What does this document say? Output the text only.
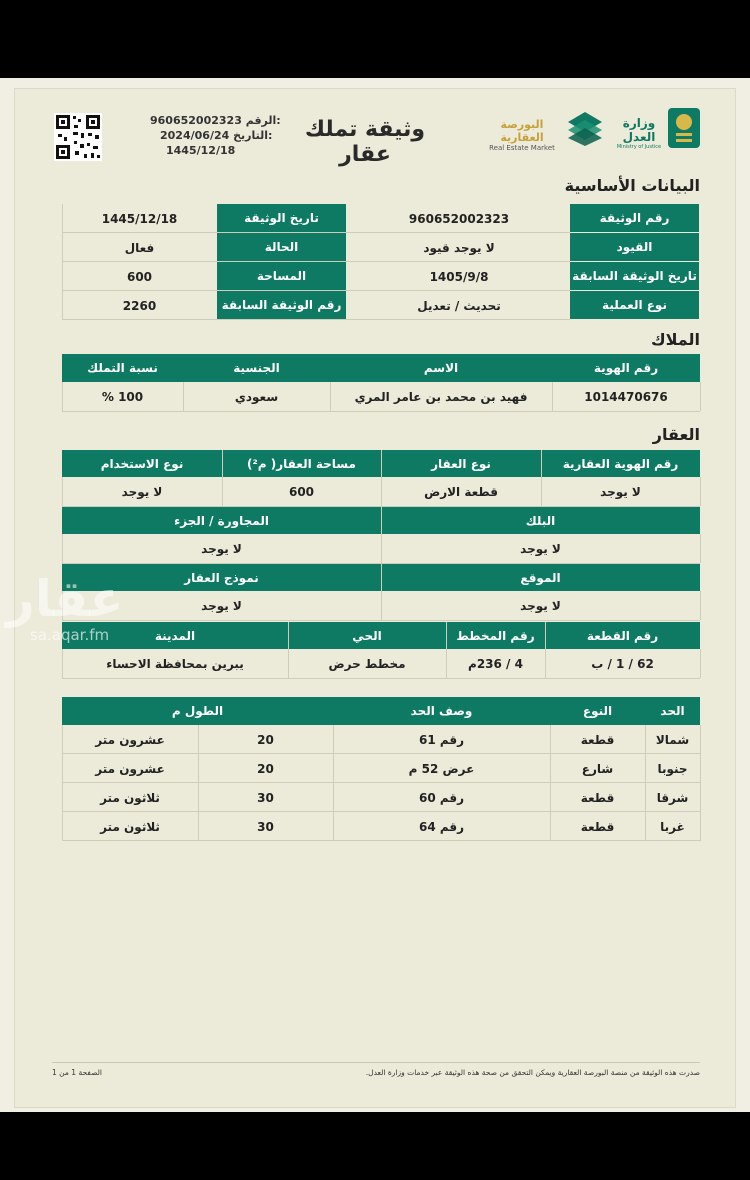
960652002323 الرقم:
2024/06/24 التاريخ:
1445/12/18
وثيقة تملك عقار
البورصة العقارية
Real Estate Market
وزارة العدل
Ministry of Justice
البيانات الأساسية
رقم الوثيقة
960652002323
تاريخ الوثيقة
1445/12/18
القيود
لا يوجد قيود
الحالة
فعال
تاريخ الوثيقة السابقة
1405/9/8
المساحة
600
نوع العملية
تحديث / تعديل
رقم الوثيقة السابقة
2260
الملاك
رقم الهوية
1014470676
الاسم
فهيد بن محمد بن عامر المري
الجنسية
سعودي
نسبة التملك
100 %
العقار
رقم الهوية العقارية
لا يوجد
نوع العقار
قطعة الارض
مساحة العقار( م²)
600
نوع الاستخدام
لا يوجد
البلك
لا يوجد
المجاورة / الجزء
لا يوجد
الموقع
لا يوجد
نموذج العقار
لا يوجد
رقم القطعة
62 / 1 / ب
رقم المخطط
4 / 236م
الحي
مخطط حرض
المدينة
يبرين بمحافظة الاحساء
الحد
النوع
وصف الحد
الطول م
شمالا
قطعة
رقم 61
20
عشرون متر
جنوبا
شارع
عرض 52 م
20
عشرون متر
شرقا
قطعة
رقم 60
30
ثلاثون متر
غربا
قطعة
رقم 64
30
ثلاثون متر
عقار
sa.aqar.fm
صدرت هذه الوثيقة من منصة البورصة العقارية ويمكن التحقق من صحة هذه الوثيقة عبر خدمات وزارة العدل.
الصفحة 1 من 1
